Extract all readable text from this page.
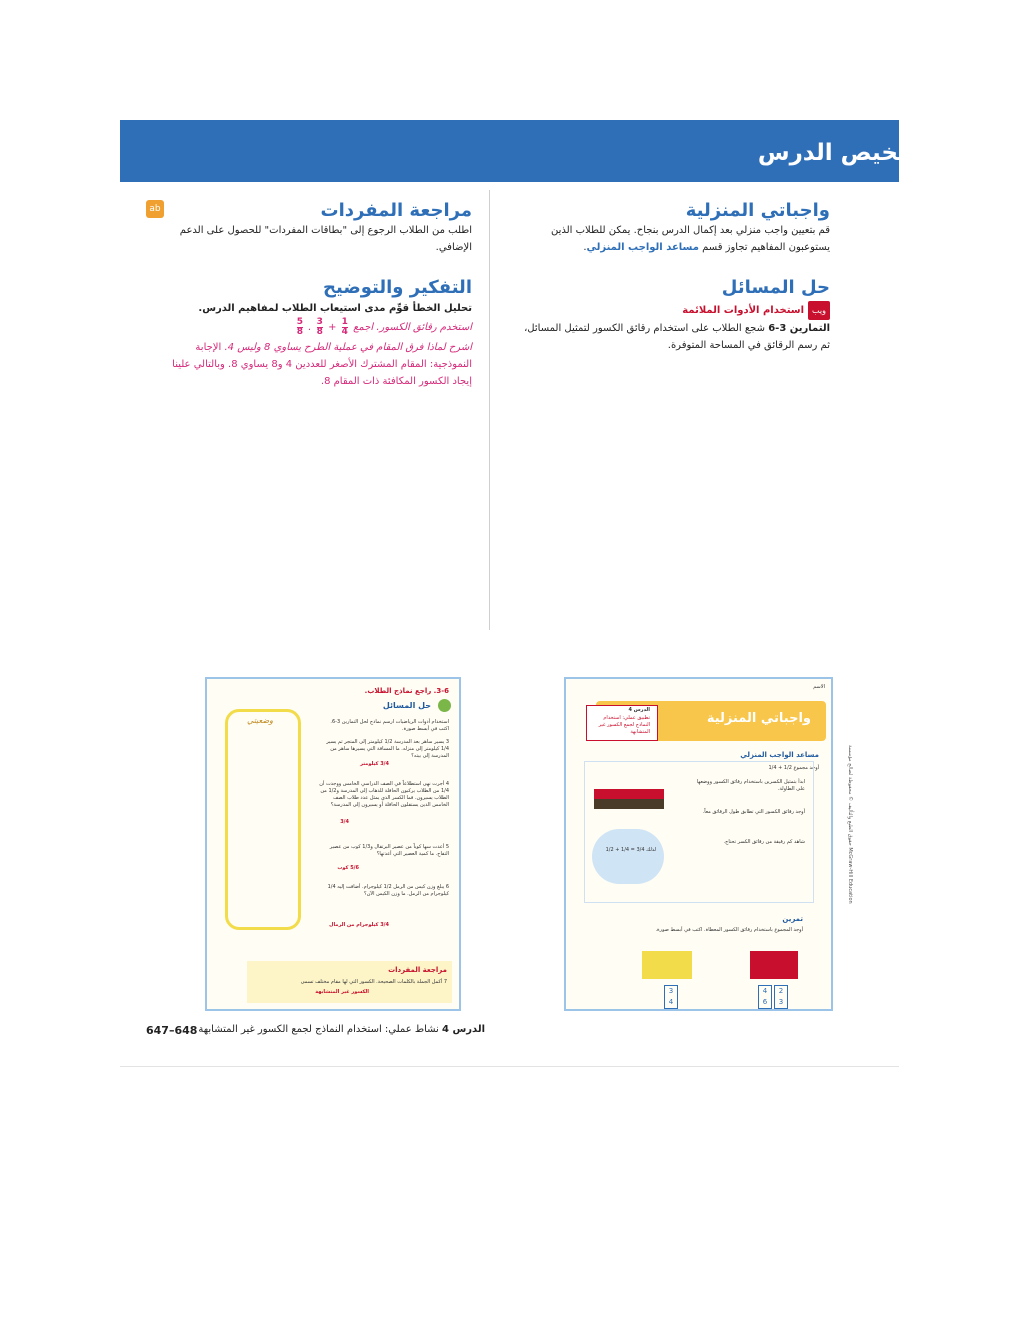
4
تلخيص الدرس
واجباتي المنزلية
قم بتعيين واجب منزلي بعد إكمال الدرس بنجاح. يمكن للطلاب الذين
يستوعبون المفاهيم تجاوز قسم مساعد الواجب المنزلي.
حل المسائل
ويباستخدام الأدوات الملائمة
التمارين 3-6 شجع الطلاب على استخدام رقائق الكسور لتمثيل المسائل،
ثم رسم الرقائق في المساحة المتوفرة.
ab	مراجعة المفردات
اطلب من الطلاب الرجوع إلى "بطاقات المفردات" للحصول على الدعم
الإضافي.
التفكير والتوضيح
تحليل الخطأ قوِّم مدى استيعاب الطلاب لمفاهيم الدرس.
استخدم رقائق الكسور. اجمع
$\frac{1}{4}$
+
$\frac{3}{8}$
.
$\frac{5}{8}$
اشرح لماذا فرق المقام في عملية الطرح يساوي 8 وليس 4. الإجابة
النموذجية: المقام المشترك الأصغر للعددين 4 و8 يساوي 8. وبالتالي علينا
إيجاد الكسور المكافئة ذات المقام 8.
3-6. راجع نماذج الطلاب.
حل المسائل
استخدام أدوات الرياضيات ارسم نماذج لحل التمارين 3-6. اكتب في أبسط صورة.
3 يسير ساهر بعد المدرسة 1/2 كيلومتر إلى المتجر ثم يسير 1/4 كيلومتر إلى منزله. ما المسافة التي يسيرها ساهر من المدرسة إلى بيته؟
3/4 كيلومتر
4 أجرت نهى استطلاعاً في الصف الدراسي الخامس ووجدت أن 1/4 من الطلاب يركبون الحافلة للذهاب إلى المدرسة و1/2 من الطلاب يسيرون. فما الكسر الذي يمثل عدد طلاب الصف الخامس الذين يستقلون الحافلة أو يسيرون إلى المدرسة؟
3/4
5 أعدت سها كوباً من عصير البرتقال و1/3 كوب من عصير التفاح. ما كمية العصير التي أعدتها؟
5/6 كوب
6 يبلغ وزن كيس من الرمل 1/2 كيلوجرام. أضافت إليه 1/4 كيلوجرام من الرمل. ما وزن الكيس الآن؟
3/4 كيلوجرام من الرمال
وضعيتي
مراجعة المفردات
7 أكمل الجملة بالكلمات الصحيحة. الكسور التي لها مقام مختلف تسمى
الكسور غير المتشابهة
الاسم
الدرس 4
تطبيق عملي: استخدام النماذج لجمع الكسور غير المتشابهة
واجباتي المنزلية
مساعد الواجب المنزلي
أوجد مجموع 1/2 + 1/4
ابدأ بتمثيل الكسرين باستخدام رقائق الكسور ووضعها على الطاولة.
أوجد رقائق الكسور التي تطابق طول الرقائق معاً.
شاهد كم رقيقة من رقائق الكسر تحتاج.
لذلك 3/4 = 1/4 + 1/2
تمرين
أوجد المجموع باستخدام رقائق الكسور المعطاة. اكتب في أبسط صورة.
3
4
4
6
2
3
حقوق الطبع والتأليف © محفوظة لصالح مؤسسة McGraw-Hill Education
647–648	الدرس 4 نشاط عملي: استخدام النماذج لجمع الكسور غير المتشابهة
